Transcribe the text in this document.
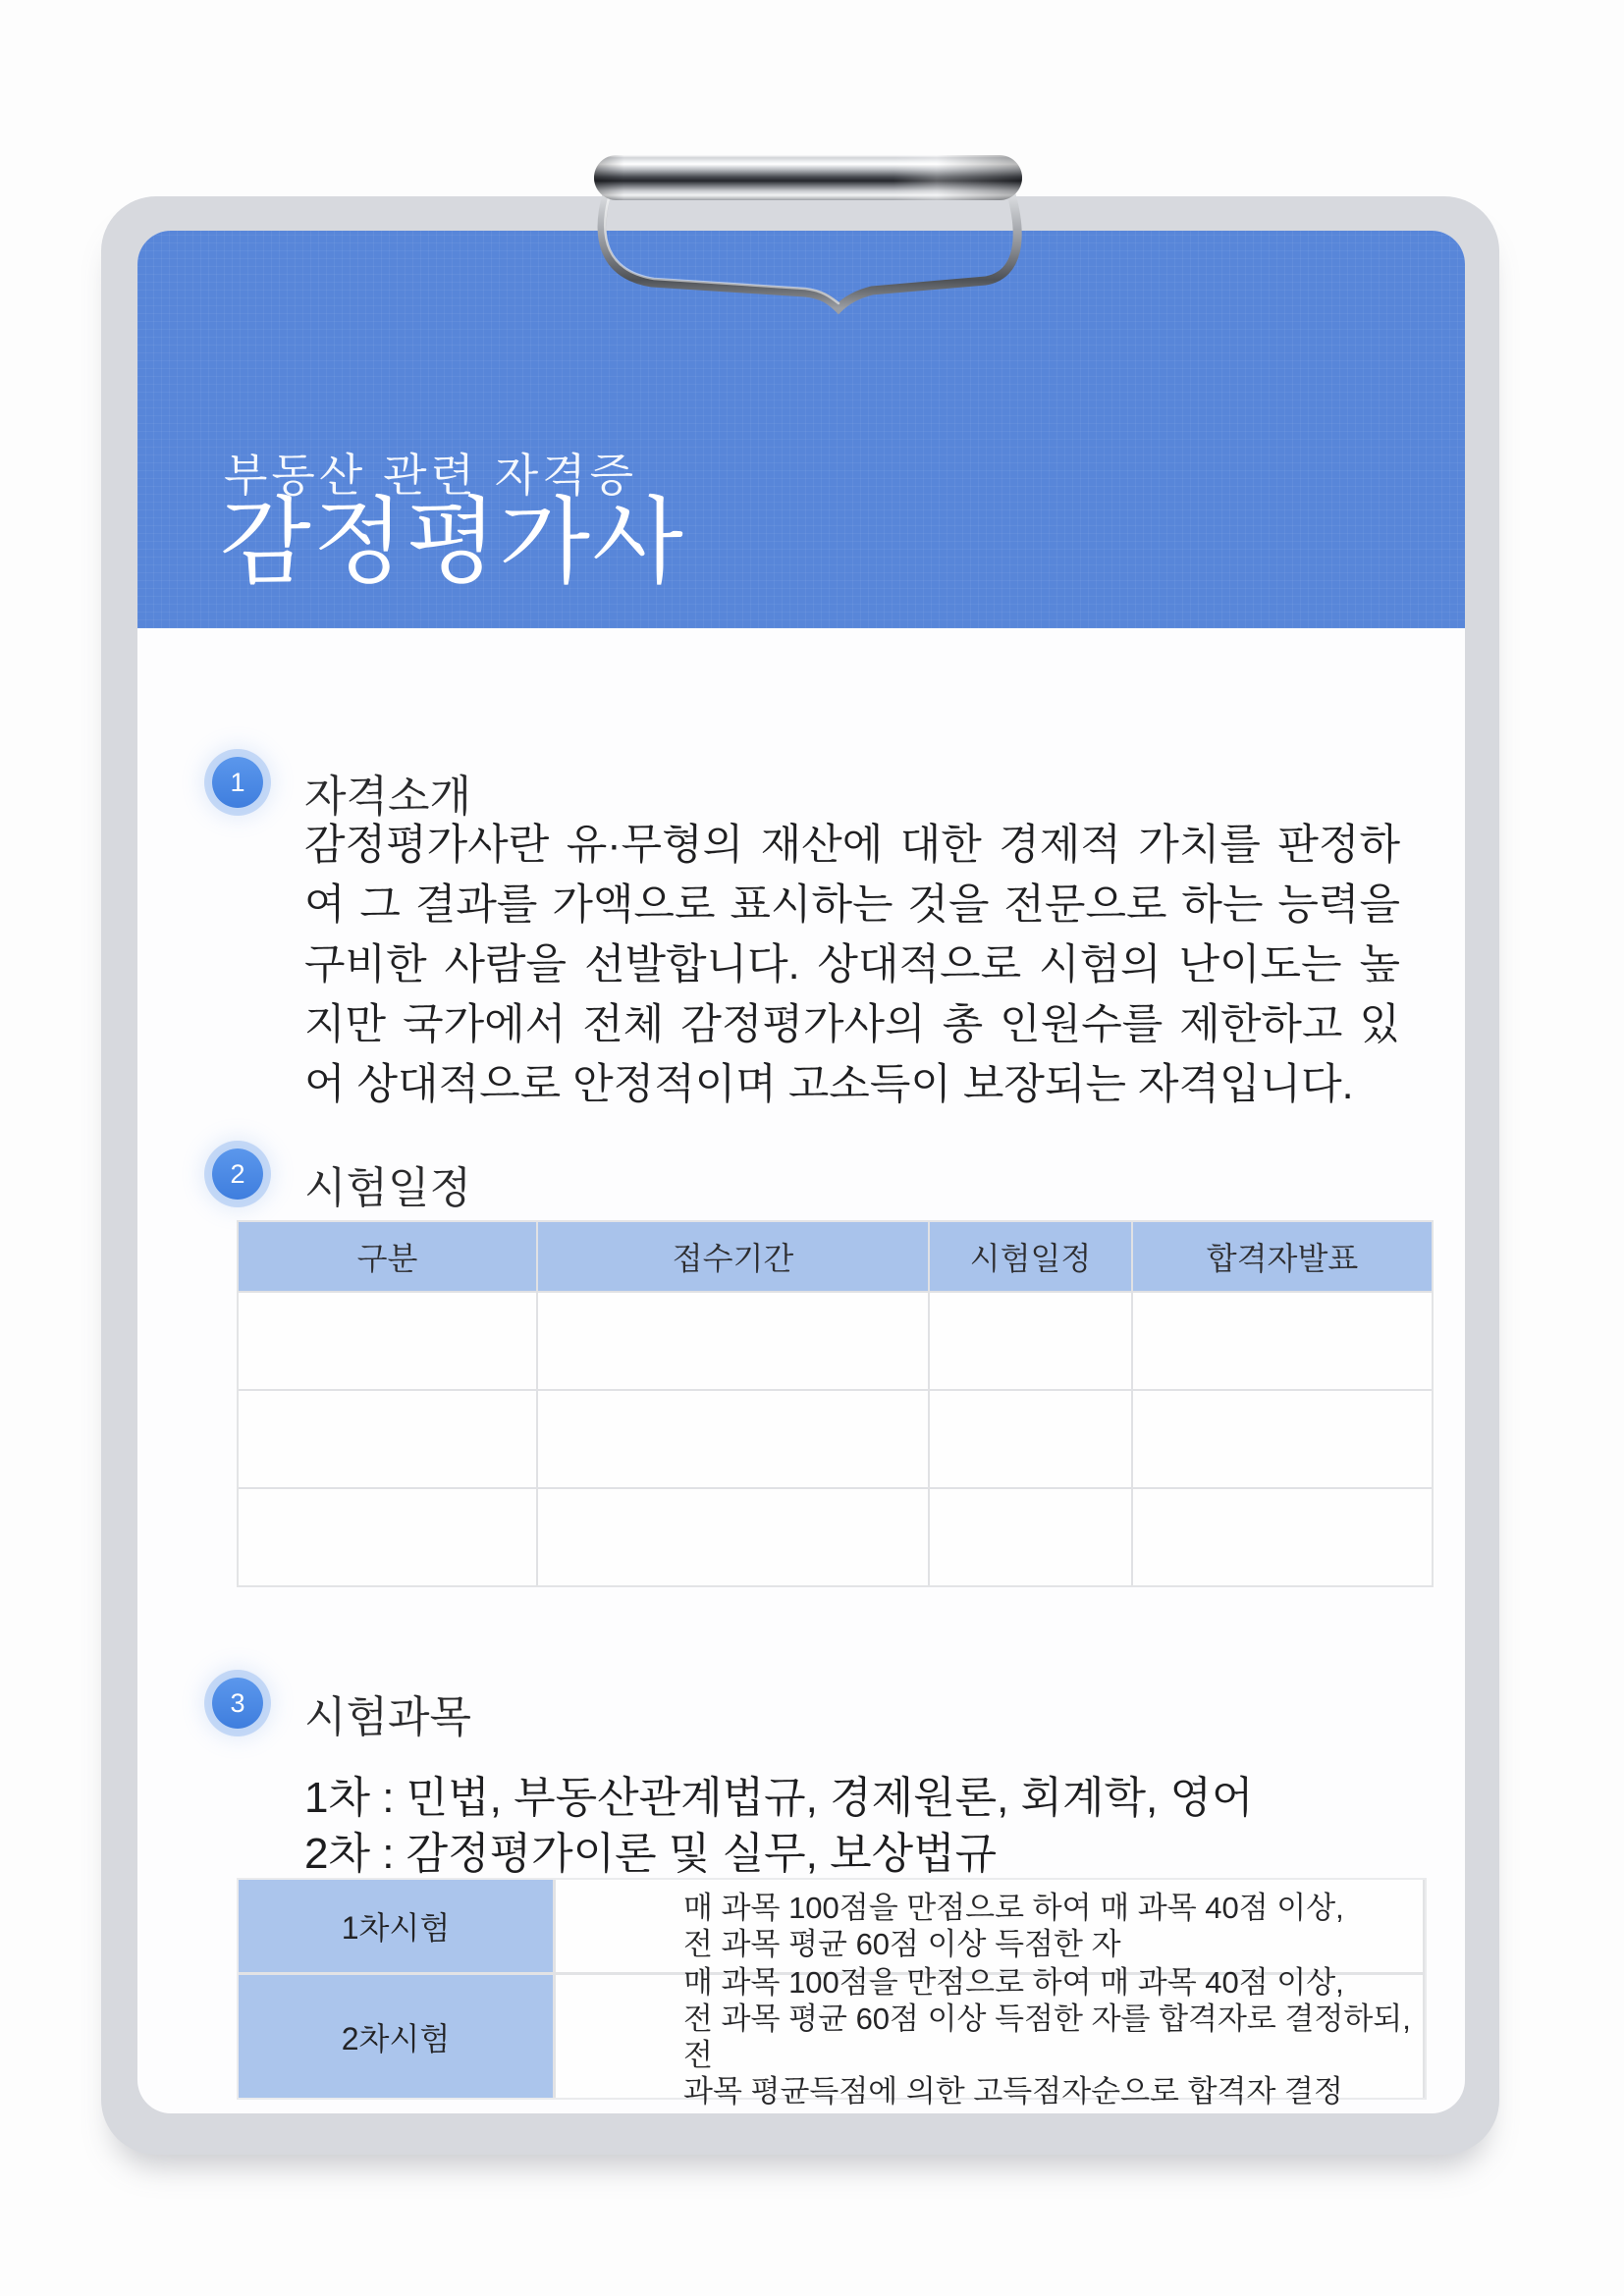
부동산 관련 자격증
감정평가사
1 자격소개
감정평가사란 유·무형의 재산에 대한 경제적 가치를 판정하여 그 결과를 가액으로 표시하는 것을 전문으로 하는 능력을 구비한 사람을 선발합니다. 상대적으로 시험의 난이도는 높지만 국가에서 전체 감정평가사의 총 인원수를 제한하고 있어 상대적으로 안정적이며 고소득이 보장되는 자격입니다.
2 시험일정
구분	접수기간	시험일정	합격자발표
3 시험과목
1차 : 민법, 부동산관계법규, 경제원론, 회계학, 영어
2차 : 감정평가이론 및 실무, 보상법규
1차시험
매 과목 100점을 만점으로 하여 매 과목 40점 이상,
전 과목 평균 60점 이상 득점한 자
2차시험
매 과목 100점을 만점으로 하여 매 과목 40점 이상,
전 과목 평균 60점 이상 득점한 자를 합격자로 결정하되, 전
과목 평균득점에 의한 고득점자순으로 합격자 결정
